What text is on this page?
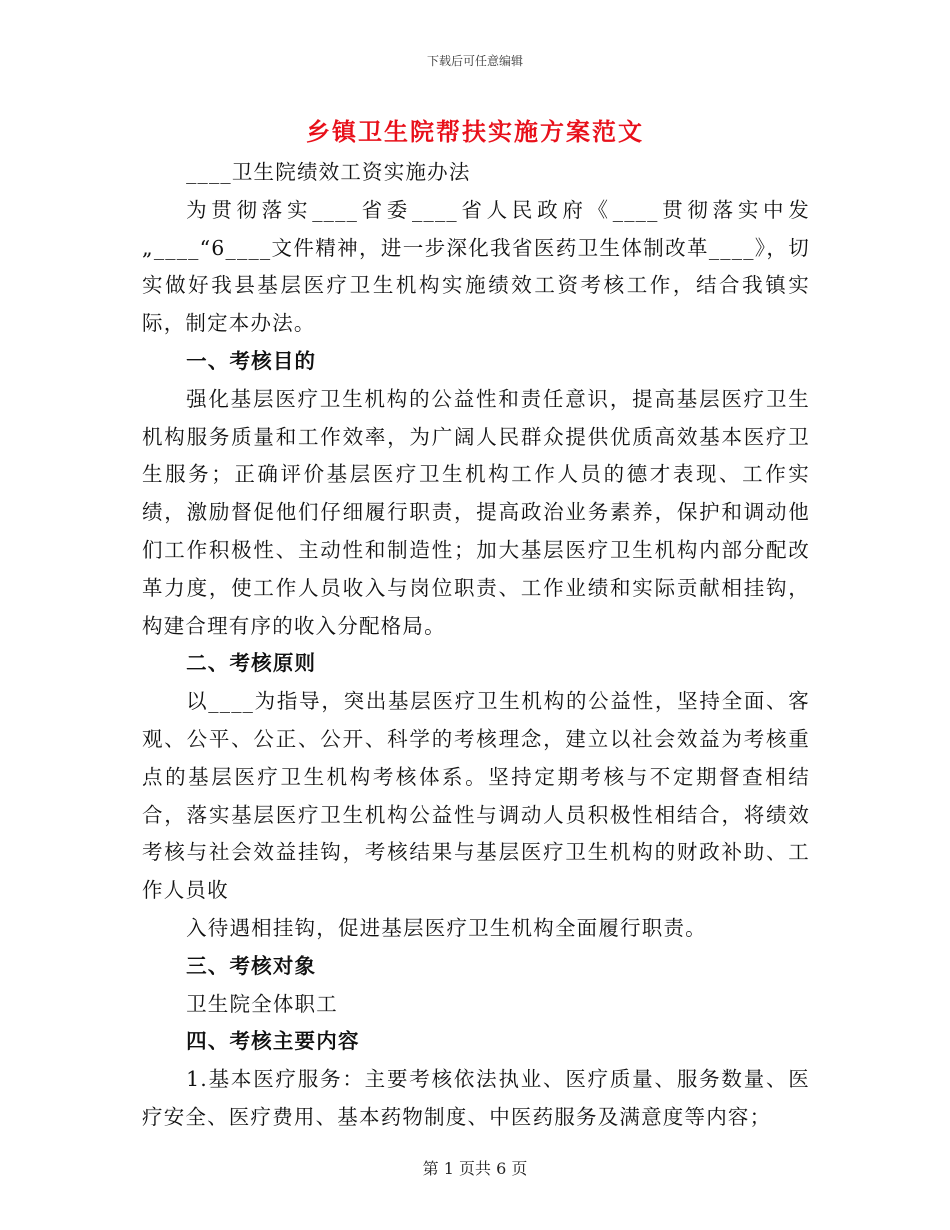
下载后可任意编辑
乡镇卫生院帮扶实施方案范文

____卫生院绩效工资实施办法

为贯彻落实____省委____省人民政府《____贯彻落实中发„____“6____文件精神，进一步深化我省医药卫生体制改革____》，切实做好我县基层医疗卫生机构实施绩效工资考核工作，结合我镇实际，制定本办法。

一、考核目的

强化基层医疗卫生机构的公益性和责任意识，提高基层医疗卫生机构服务质量和工作效率，为广阔人民群众提供优质高效基本医疗卫生服务；正确评价基层医疗卫生机构工作人员的德才表现、工作实绩，激励督促他们仔细履行职责，提高政治业务素养，保护和调动他们工作积极性、主动性和制造性；加大基层医疗卫生机构内部分配改革力度，使工作人员收入与岗位职责、工作业绩和实际贡献相挂钩，构建合理有序的收入分配格局。

二、考核原则

以____为指导，突出基层医疗卫生机构的公益性，坚持全面、客观、公平、公正、公开、科学的考核理念，建立以社会效益为考核重点的基层医疗卫生机构考核体系。坚持定期考核与不定期督查相结合，落实基层医疗卫生机构公益性与调动人员积极性相结合，将绩效考核与社会效益挂钩，考核结果与基层医疗卫生机构的财政补助、工作人员收

入待遇相挂钩，促进基层医疗卫生机构全面履行职责。

三、考核对象

卫生院全体职工

四、考核主要内容

1.基本医疗服务：主要考核依法执业、医疗质量、服务数量、医疗安全、医疗费用、基本药物制度、中医药服务及满意度等内容；

第 1 页共 6 页
